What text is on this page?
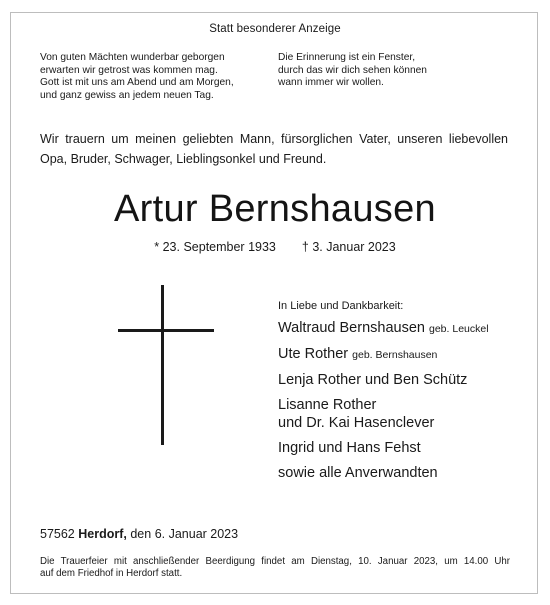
Statt besonderer Anzeige
Von guten Mächten wunderbar geborgen
erwarten wir getrost was kommen mag.
Gott ist mit uns am Abend und am Morgen,
und ganz gewiss an jedem neuen Tag.
Die Erinnerung ist ein Fenster,
durch das wir dich sehen können
wann immer wir wollen.
Wir trauern um meinen geliebten Mann, fürsorglichen Vater, unseren liebevollen
Opa, Bruder, Schwager, Lieblingsonkel und Freund.
Artur Bernshausen
* 23. September 1933 † 3. Januar 2023
In Liebe und Dankbarkeit:
Waltraud Bernshausen geb. Leuckel
Ute Rother geb. Bernshausen
Lenja Rother und Ben Schütz
Lisanne Rother
und Dr. Kai Hasenclever
Ingrid und Hans Fehst
sowie alle Anverwandten
57562 Herdorf, den 6. Januar 2023
Die Trauerfeier mit anschließender Beerdigung findet am Dienstag, 10. Januar 2023, um 14.00 Uhr
auf dem Friedhof in Herdorf statt.
